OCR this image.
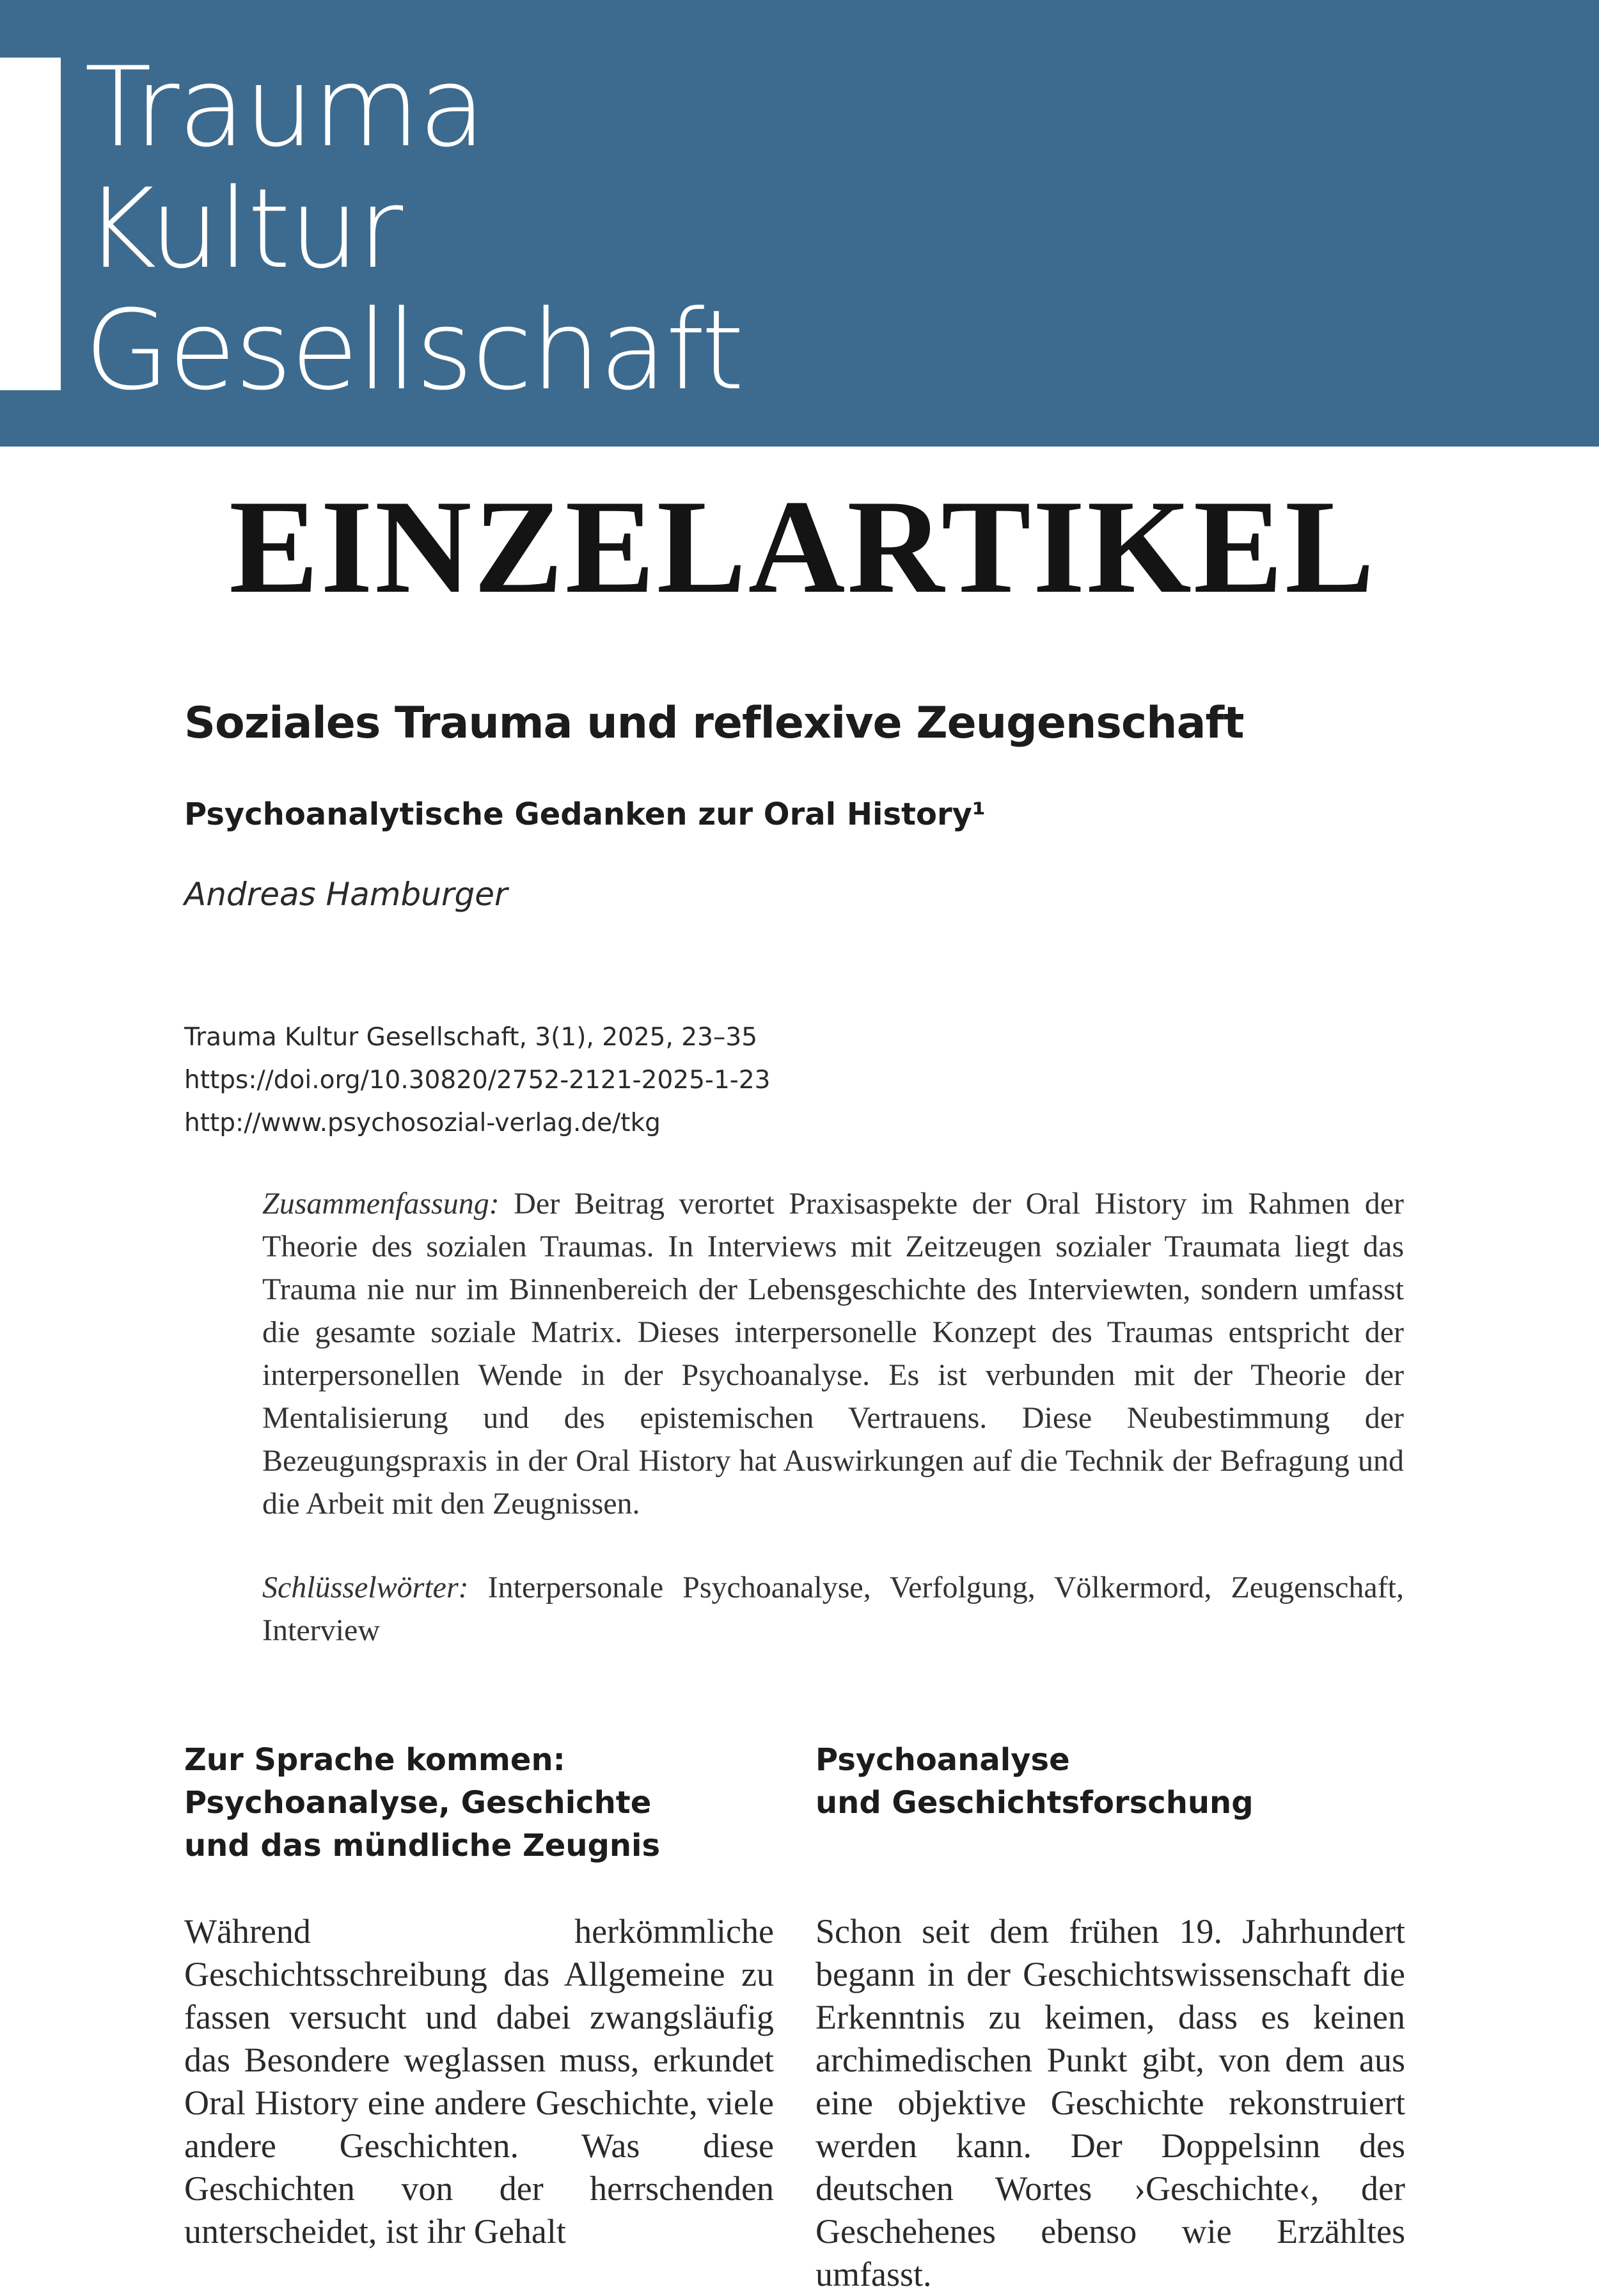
Trauma
Kultur
Gesellschaft
EINZELARTIKEL
Soziales Trauma und reflexive Zeugenschaft
Psychoanalytische Gedanken zur Oral History¹
Andreas Hamburger
Trauma Kultur Gesellschaft, 3(1), 2025, 23–35
https://doi.org/10.30820/2752-2121-2025-1-23
http://www.psychosozial-verlag.de/tkg
Zusammenfassung: Der Beitrag verortet Praxisaspekte der Oral History im Rahmen der Theorie des sozialen Traumas. In Interviews mit Zeitzeugen sozialer Traumata liegt das Trauma nie nur im Binnenbereich der Lebensgeschichte des Interviewten, sondern umfasst die gesamte soziale Matrix. Dieses interpersonelle Konzept des Traumas entspricht der interpersonellen Wende in der Psychoanalyse. Es ist verbunden mit der Theorie der Mentalisierung und des epistemischen Vertrauens. Diese Neubestimmung der Bezeugungspraxis in der Oral History hat Auswirkungen auf die Technik der Befragung und die Arbeit mit den Zeugnissen.
Schlüsselwörter: Interpersonale Psychoanalyse, Verfolgung, Völkermord, Zeugenschaft, Interview
Zur Sprache kommen:
Psychoanalyse, Geschichte
und das mündliche Zeugnis
Während herkömmliche Geschichtsschreibung das Allgemeine zu fassen versucht und dabei zwangsläufig das Besondere weglassen muss, erkundet Oral History eine andere Geschichte, viele andere Geschichten. Was diese Geschichten von der herrschenden unterscheidet, ist ihr Gehalt
Psychoanalyse
und Geschichtsforschung
Schon seit dem frühen 19. Jahrhundert begann in der Geschichtswissenschaft die Erkenntnis zu keimen, dass es keinen archimedischen Punkt gibt, von dem aus eine objektive Geschichte rekonstruiert werden kann. Der Doppelsinn des deutschen Wortes ›Geschichte‹, der Geschehenes ebenso wie Erzähltes umfasst.
